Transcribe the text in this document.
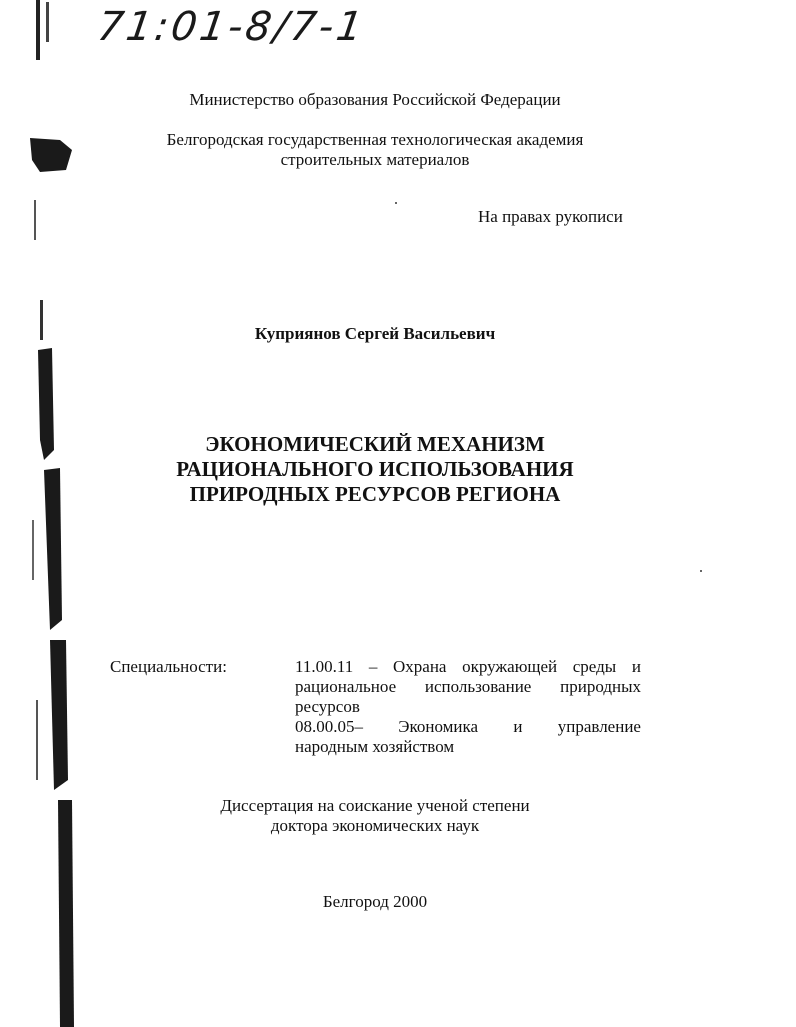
71:01-8/7-1
Министерство образования Российской Федерации
Белгородская государственная технологическая академия
строительных материалов
На правах рукописи
Куприянов Сергей Васильевич
ЭКОНОМИЧЕСКИЙ МЕХАНИЗМ
РАЦИОНАЛЬНОГО ИСПОЛЬЗОВАНИЯ
ПРИРОДНЫХ РЕСУРСОВ РЕГИОНА
Специальности:	11.00.11 – Охрана окружающей среды и
рациональное использование природных
ресурсов
08.00.05– Экономика и управление
народным хозяйством
Диссертация на соискание ученой степени
доктора экономических наук
Белгород 2000
